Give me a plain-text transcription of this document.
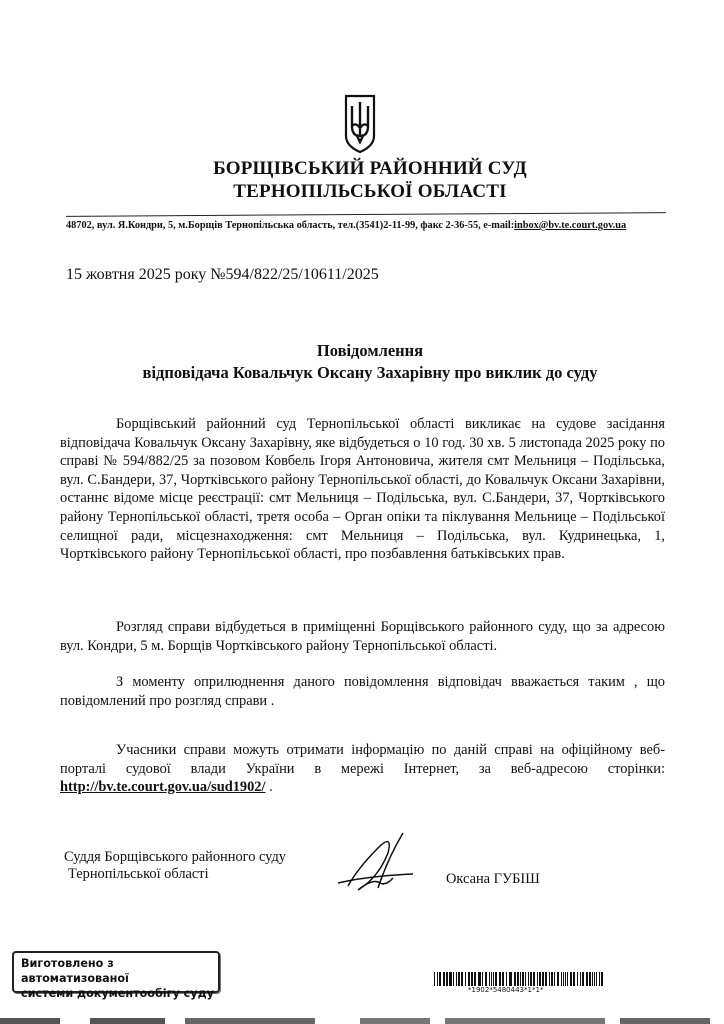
БОРЩІВСЬКИЙ РАЙОННИЙ СУД
ТЕРНОПІЛЬСЬКОЇ ОБЛАСТІ
48702, вул. Я.Кондри, 5, м.Борщів Тернопільська область, тел.(3541)2-11-99, факс 2-36-55, e-mail:inbox@bv.te.court.gov.ua
15 жовтня 2025 року №594/822/25/10611/2025
Повідомлення
відповідача Ковальчук Оксану Захарівну про виклик до суду

Борщівський районний суд Тернопільської області викликає на судове засідання відповідача Ковальчук Оксану Захарівну, яке відбудеться о 10 год. 30 хв. 5 листопада 2025 року по справі № 594/882/25 за позовом Ковбель Ігоря Антоновича, жителя смт Мельниця – Подільська, вул. С.Бандери, 37, Чортківського району Тернопільської області, до Ковальчук Оксани Захарівни, останнє відоме місце реєстрації: смт Мельниця – Подільська, вул. С.Бандери, 37, Чортківського району Тернопільської області, третя особа – Орган опіки та піклування Мельнице – Подільської селищної ради, місцезнаходження: смт Мельниця – Подільська, вул. Кудринецька, 1, Чортківського району Тернопільської області, про позбавлення батьківських прав.

Розгляд справи відбудеться в приміщенні Борщівського районного суду, що за адресою вул. Кондри, 5 м. Борщів Чортківського району Тернопільської області.

З моменту оприлюднення даного повідомлення відповідач вважається таким , що повідомлений про розгляд справи .

Учасники справи можуть отримати інформацію по даній справі на офіційному веб-порталі судової влади України в мережі Інтернет, за веб-адресою сторінки: http://bv.te.court.gov.ua/sud1902/ .

Суддя Борщівського районного суду
Тернопільської області	Оксана ГУБІШ
Виготовлено з автоматизованої
системи документообігу суду	*1902*5480443*1*1*
